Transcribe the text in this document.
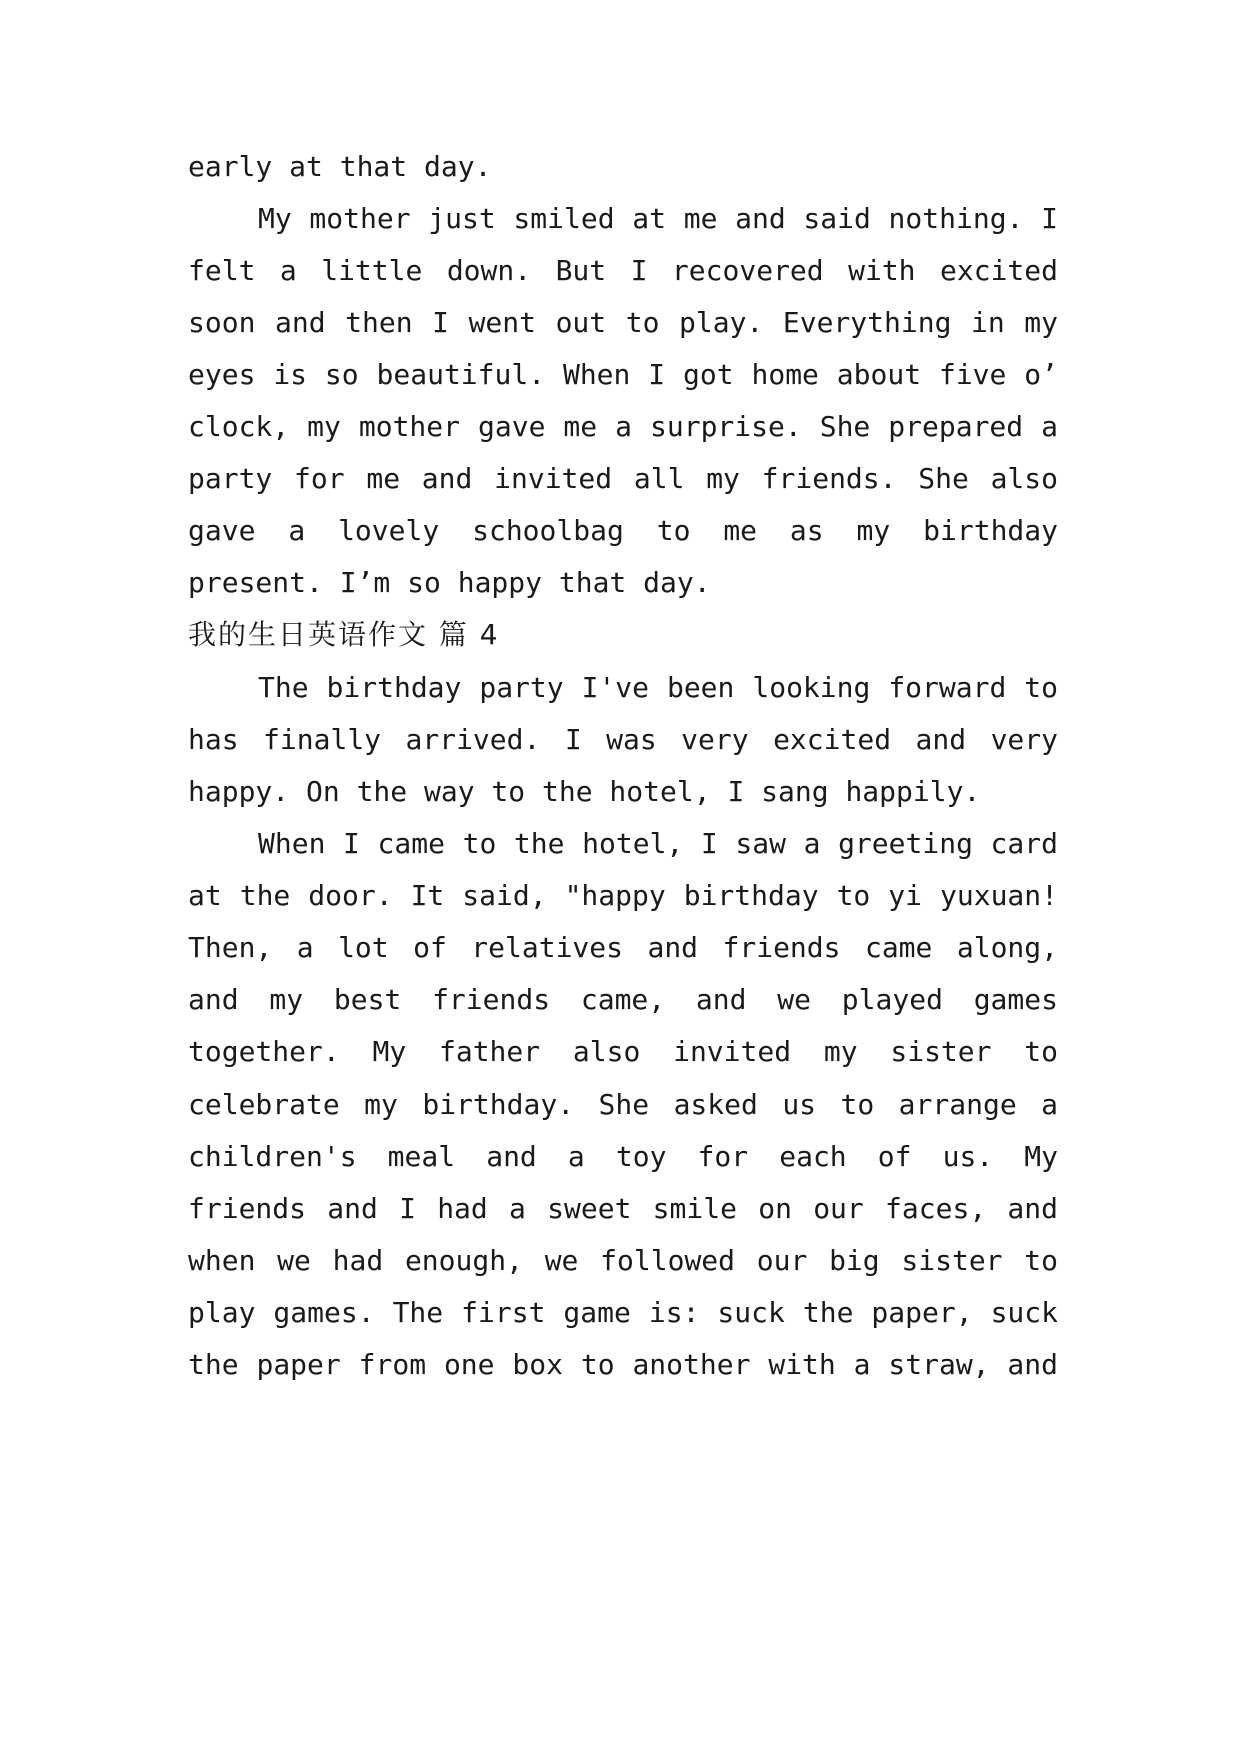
early at that day.
My mother just smiled at me and said nothing. I
felt a little down. But I recovered with excited
soon and then I went out to play. Everything in my
eyes is so beautiful. When I got home about five o’
clock, my mother gave me a surprise. She prepared a
party for me and invited all my friends. She also
gave a lovely schoolbag to me as my birthday
present. I’m so happy that day.
我的生日英语作文 篇 4
The birthday party I've been looking forward to
has finally arrived. I was very excited and very
happy. On the way to the hotel, I sang happily.
When I came to the hotel, I saw a greeting card
at the door. It said, "happy birthday to yi yuxuan!
Then, a lot of relatives and friends came along,
and my best friends came, and we played games
together. My father also invited my sister to
celebrate my birthday. She asked us to arrange a
children's meal and a toy for each of us. My
friends and I had a sweet smile on our faces, and
when we had enough, we followed our big sister to
play games. The first game is: suck the paper, suck
the paper from one box to another with a straw, and
